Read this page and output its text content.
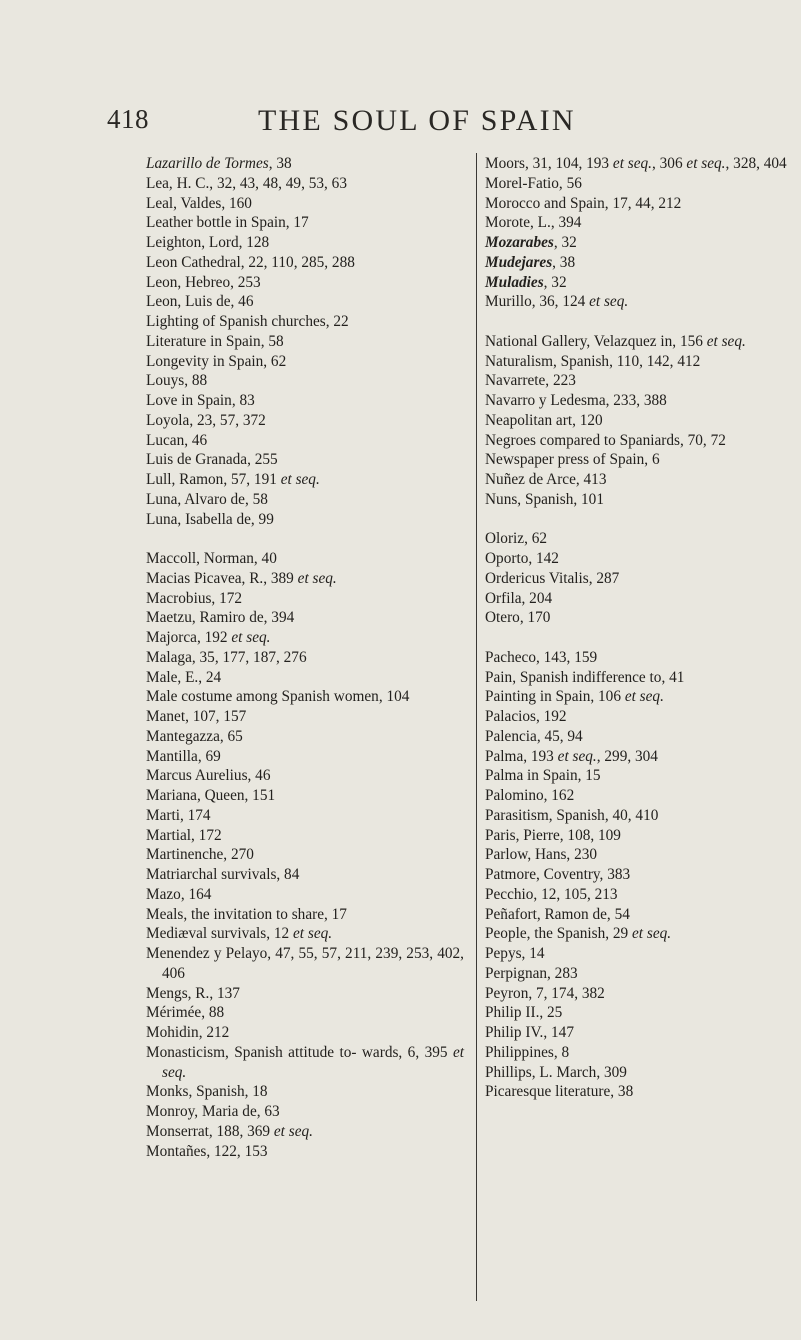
418	THE SOUL OF SPAIN
Lazarillo de Tormes, 38
Lea, H. C., 32, 43, 48, 49, 53, 63
Leal, Valdes, 160
Leather bottle in Spain, 17
Leighton, Lord, 128
Leon Cathedral, 22, 110, 285, 288
Leon, Hebreo, 253
Leon, Luis de, 46
Lighting of Spanish churches, 22
Literature in Spain, 58
Longevity in Spain, 62
Louys, 88
Love in Spain, 83
Loyola, 23, 57, 372
Lucan, 46
Luis de Granada, 255
Lull, Ramon, 57, 191 et seq.
Luna, Alvaro de, 58
Luna, Isabella de, 99
Maccoll, Norman, 40
Macias Picavea, R., 389 et seq.
Macrobius, 172
Maetzu, Ramiro de, 394
Majorca, 192 et seq.
Malaga, 35, 177, 187, 276
Male, E., 24
Male costume among Spanish women, 104
Manet, 107, 157
Mantegazza, 65
Mantilla, 69
Marcus Aurelius, 46
Mariana, Queen, 151
Marti, 174
Martial, 172
Martinenche, 270
Matriarchal survivals, 84
Mazo, 164
Meals, the invitation to share, 17
Mediæval survivals, 12 et seq.
Menendez y Pelayo, 47, 55, 57, 211, 239, 253, 402, 406
Mengs, R., 137
Mérimée, 88
Mohidin, 212
Monasticism, Spanish attitude to- wards, 6, 395 et seq.
Monks, Spanish, 18
Monroy, Maria de, 63
Monserrat, 188, 369 et seq.
Montañes, 122, 153
Moors, 31, 104, 193 et seq., 306 et seq., 328, 404
Morel-Fatio, 56
Morocco and Spain, 17, 44, 212
Morote, L., 394
Mozarabes, 32
Mudejares, 38
Muladies, 32
Murillo, 36, 124 et seq.
National Gallery, Velazquez in, 156 et seq.
Naturalism, Spanish, 110, 142, 412
Navarrete, 223
Navarro y Ledesma, 233, 388
Neapolitan art, 120
Negroes compared to Spaniards, 70, 72
Newspaper press of Spain, 6
Nuñez de Arce, 413
Nuns, Spanish, 101
Oloriz, 62
Oporto, 142
Ordericus Vitalis, 287
Orfila, 204
Otero, 170
Pacheco, 143, 159
Pain, Spanish indifference to, 41
Painting in Spain, 106 et seq.
Palacios, 192
Palencia, 45, 94
Palma, 193 et seq., 299, 304
Palma in Spain, 15
Palomino, 162
Parasitism, Spanish, 40, 410
Paris, Pierre, 108, 109
Parlow, Hans, 230
Patmore, Coventry, 383
Pecchio, 12, 105, 213
Peñafort, Ramon de, 54
People, the Spanish, 29 et seq.
Pepys, 14
Perpignan, 283
Peyron, 7, 174, 382
Philip II., 25
Philip IV., 147
Philippines, 8
Phillips, L. March, 309
Picaresque literature, 38
